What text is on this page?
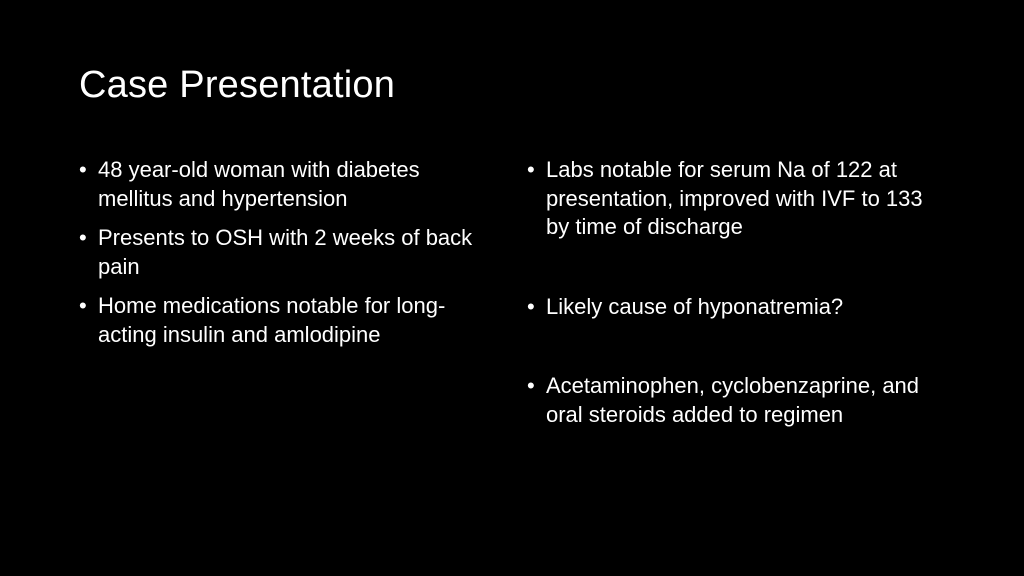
Case Presentation
• 48 year-old woman with diabetes mellitus and hypertension
• Presents to OSH with 2 weeks of back pain
• Home medications notable for long-acting insulin and amlodipine
• Labs notable for serum Na of 122 at presentation, improved with IVF to 133 by time of discharge
• Likely cause of hyponatremia?
• Acetaminophen, cyclobenzaprine, and oral steroids added to regimen
